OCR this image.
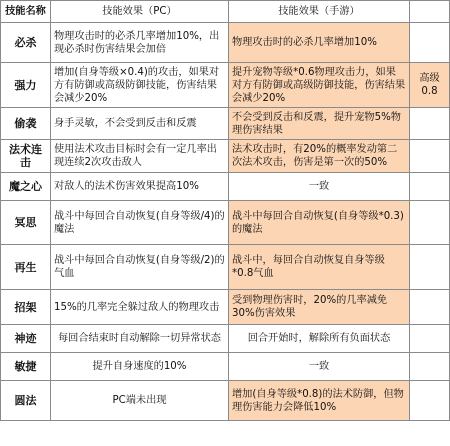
技能名称	技能效果（PC）	技能效果（手游）	
必杀	物理攻击时的必杀几率增加10%，出现必杀时伤害结果会加倍	物理攻击时的必杀几率增加10%	
强力	增加(自身等级×0.4)的攻击，如果对方有防御或高级防御技能，伤害结果会减少20%	提升宠物等级*0.6物理攻击力，如果对方有防御或高级防御技能，伤害结果会减少20%	高级0.8
偷袭	身手灵敏，不会受到反击和反震	不会受到反击和反震，提升宠物5%物理伤害结果	
法术连击	使用法术攻击目标时会有一定几率出现连续2次攻击敌人	法术攻击时，有20%的概率发动第二次法术攻击，伤害是第一次的50%	
魔之心	对敌人的法术伤害效果提高10%	一致	
冥思	战斗中每回合自动恢复(自身等级/4)的魔法	战斗中每回合自动恢复(自身等级*0.3)的魔法	
再生	战斗中每回合自动恢复(自身等级/2)的气血	战斗中，每回合自动恢复自身等级*0.8气血	
招架	15%的几率完全躲过敌人的物理攻击	受到物理伤害时，20%的几率减免30%伤害效果	
神迹	每回合结束时自动解除一切异常状态	回合开始时，解除所有负面状态	
敏捷	提升自身速度的10%	一致	
圆法	PC端未出现	增加(自身等级*0.8)的法术防御，但物理伤害能力会降低10%	
